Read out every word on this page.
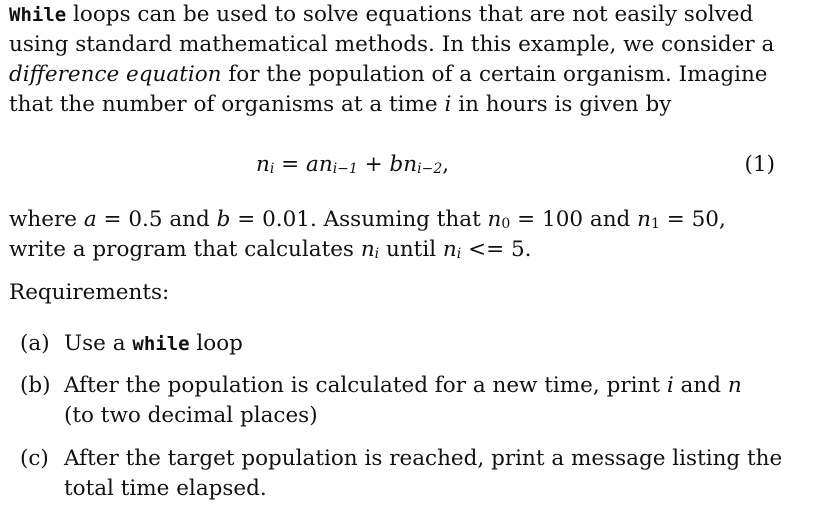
While loops can be used to solve equations that are not easily solved
using standard mathematical methods. In this example, we consider a
difference equation for the population of a certain organism. Imagine
that the number of organisms at a time i in hours is given by
$n_i = an_{i-1} + bn_{i-2}$,	(1)
where a = 0.5 and b = 0.01. Assuming that $n_0 = 100$ and $n_1 = 50$,
write a program that calculates $n_i$ until $n_i <= 5$.
Requirements:
(a) Use a while loop
(b) After the population is calculated for a new time, print i and n
(to two decimal places)
(c) After the target population is reached, print a message listing the
total time elapsed.
